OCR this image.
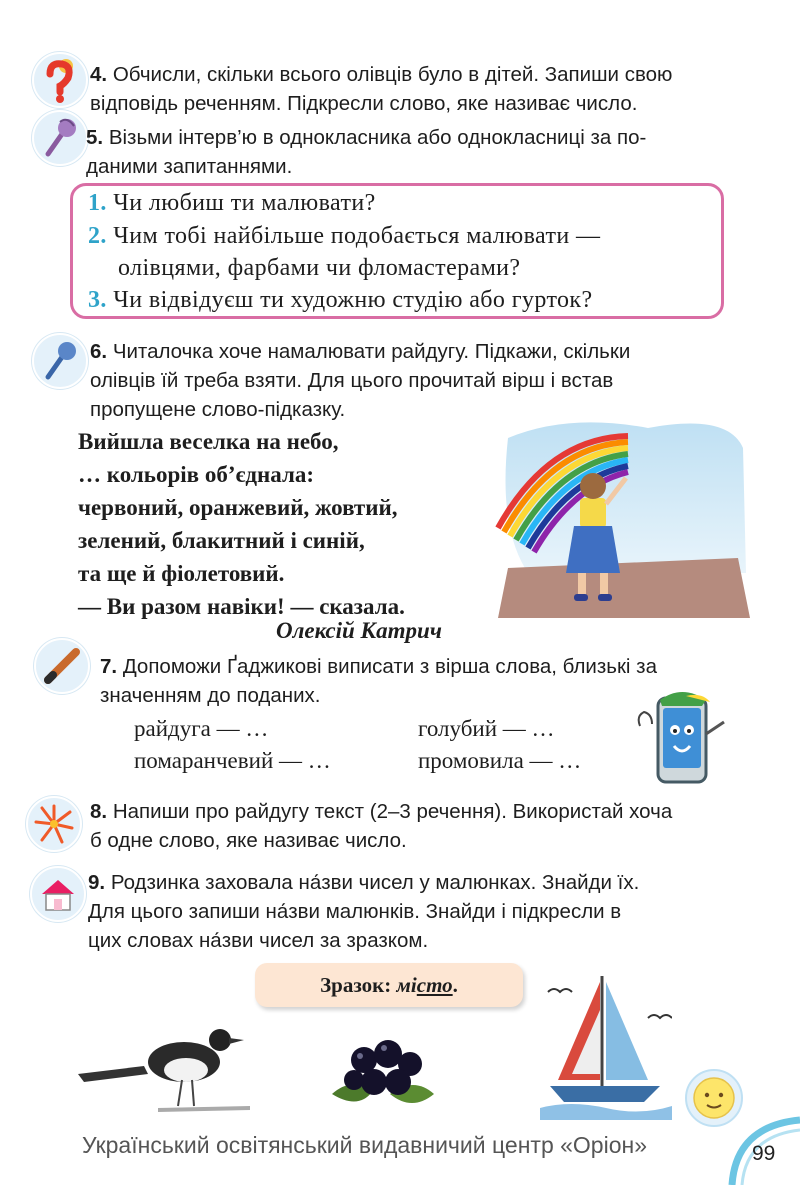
4. Обчисли, скільки всього олівців було в дітей. Запиши свою
відповідь реченням. Підкресли слово, яке називає число.
5. Візьми інтерв’ю в однокласника або однокласниці за по-
даними запитаннями.
1. Чи любиш ти малювати?
2. Чим тобі найбільше подобається малювати —
олівцями, фарбами чи фломастерами?
3. Чи відвідуєш ти художню студію або гурток?
6. Читалочка хоче намалювати райдугу. Підкажи, скільки
олівців їй треба взяти. Для цього прочитай вірш і встав
пропущене слово-підказку.
Вийшла веселка на небо,
… кольорів об’єднала:
червоний, оранжевий, жовтий,
зелений, блакитний і синій,
та ще й фіолетовий.
— Ви разом навіки! — сказала.
Олексій Катрич
7. Допоможи Ґаджикові виписати з вірша слова, близькі за
значенням до поданих.
райдуга — …	голубий — …
помаранчевий — …	промовила — …
8. Напиши про райдугу текст (2–3 речення). Використай хоча
б одне слово, яке називає число.
9. Родзинка заховала на́зви чисел у малюнках. Знайди їх.
Для цього запиши на́зви малюнків. Знайди і підкресли в
цих словах на́зви чисел за зразком.
Зразок:
місто .
Український освітянський видавничий центр «Оріон»	99
